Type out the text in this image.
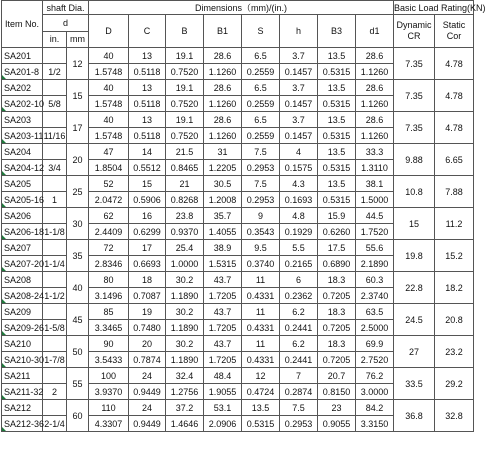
Item No.	shaft Dia.		Dimensions（mm)/(in.)								Basic Load Rating(KN)	
	d		D	C	B	B1	S	h	B3	d1	Dynamic CR	Static Cor
	in.	mm										
SA201		12	40	13	19.1	28.6	6.5	3.7	13.5	28.6	7.35	4.78
SA201-8	1/2		1.5748	0.5118	0.7520	1.1260	0.2559	0.1457	0.5315	1.1260		
SA202		15	40	13	19.1	28.6	6.5	3.7	13.5	28.6	7.35	4.78
SA202-10	5/8		1.5748	0.5118	0.7520	1.1260	0.2559	0.1457	0.5315	1.1260		
SA203		17	40	13	19.1	28.6	6.5	3.7	13.5	28.6	7.35	4.78
SA203-11	11/16		1.5748	0.5118	0.7520	1.1260	0.2559	0.1457	0.5315	1.1260		
SA204		20	47	14	21.5	31	7.5	4	13.5	33.3	9.88	6.65
SA204-12	3/4		1.8504	0.5512	0.8465	1.2205	0.2953	0.1575	0.5315	1.3110		
SA205		25	52	15	21	30.5	7.5	4.3	13.5	38.1	10.8	7.88
SA205-16	1		2.0472	0.5906	0.8268	1.2008	0.2953	0.1693	0.5315	1.5000		
SA206		30	62	16	23.8	35.7	9	4.8	15.9	44.5	15	11.2
SA206-18	1-1/8		2.4409	0.6299	0.9370	1.4055	0.3543	0.1929	0.6260	1.7520		
SA207		35	72	17	25.4	38.9	9.5	5.5	17.5	55.6	19.8	15.2
SA207-20	1-1/4		2.8346	0.6693	1.0000	1.5315	0.3740	0.2165	0.6890	2.1890		
SA208		40	80	18	30.2	43.7	11	6	18.3	60.3	22.8	18.2
SA208-24	1-1/2		3.1496	0.7087	1.1890	1.7205	0.4331	0.2362	0.7205	2.3740		
SA209		45	85	19	30.2	43.7	11	6.2	18.3	63.5	24.5	20.8
SA209-26	1-5/8		3.3465	0.7480	1.1890	1.7205	0.4331	0.2441	0.7205	2.5000		
SA210		50	90	20	30.2	43.7	11	6.2	18.3	69.9	27	23.2
SA210-30	1-7/8		3.5433	0.7874	1.1890	1.7205	0.4331	0.2441	0.7205	2.7520		
SA211		55	100	24	32.4	48.4	12	7	20.7	76.2	33.5	29.2
SA211-32	2		3.9370	0.9449	1.2756	1.9055	0.4724	0.2874	0.8150	3.0000		
SA212		60	110	24	37.2	53.1	13.5	7.5	23	84.2	36.8	32.8
SA212-36	2-1/4		4.3307	0.9449	1.4646	2.0906	0.5315	0.2953	0.9055	3.3150		
